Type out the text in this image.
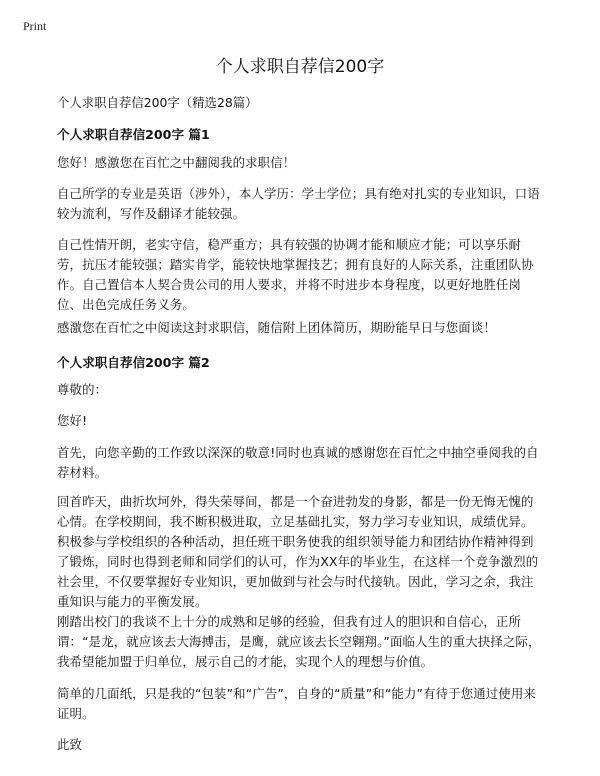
Print
个人求职自荐信200字
个人求职自荐信200字（精选28篇）
个人求职自荐信200字 篇1
您好！感激您在百忙之中翻阅我的求职信！
自己所学的专业是英语（涉外），本人学历：学士学位；具有绝对扎实的专业知识，口语较为流利，写作及翻译才能较强。
自己性情开朗，老实守信，稳严重方；具有较强的协调才能和顺应才能；可以享乐耐劳，抗压才能较强；踏实肯学，能较快地掌握技艺；拥有良好的人际关系，注重团队协作。自己置信本人契合贵公司的用人要求，并将不时进步本身程度，以更好地胜任岗位、出色完成任务义务。
感激您在百忙之中阅读这封求职信，随信附上团体简历，期盼能早日与您面谈！
个人求职自荐信200字 篇2
尊敬的：
您好!
首先，向您辛勤的工作致以深深的敬意!同时也真诚的感谢您在百忙之中抽空垂阅我的自荐材料。
回首昨天，曲折坎坷外，得失荣辱间，都是一个奋进勃发的身影，都是一份无悔无愧的心情。在学校期间，我不断积极进取，立足基础扎实，努力学习专业知识，成绩优异。积极参与学校组织的各种活动，担任班干职务使我的组织领导能力和团结协作精神得到了锻炼，同时也得到老师和同学们的认可，作为XX年的毕业生，在这样一个竞争激烈的社会里，不仅要掌握好专业知识，更加做到与社会与时代接轨。因此，学习之余，我注重知识与能力的平衡发展。
刚踏出校门的我谈不上十分的成熟和足够的经验，但我有过人的胆识和自信心，正所谓：“是龙，就应该去大海搏击，是鹰，就应该去长空翱翔。”面临人生的重大抉择之际，我希望能加盟于归单位，展示自己的才能，实现个人的理想与价值。
简单的几面纸，只是我的“包装”和“广告”，自身的“质量”和“能力”有待于您通过使用来证明。
此致
